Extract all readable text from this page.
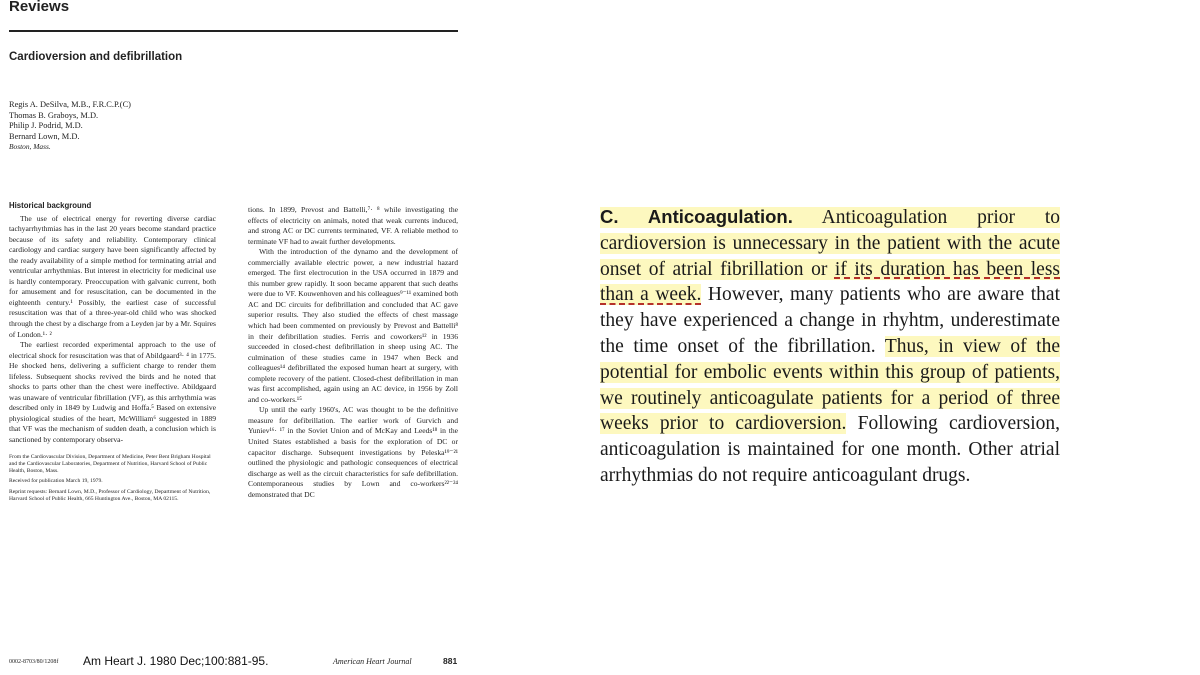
Reviews
Cardioversion and defibrillation
Regis A. DeSilva, M.B., F.R.C.P.(C)
Thomas B. Graboys, M.D.
Philip J. Podrid, M.D.
Bernard Lown, M.D.
Boston, Mass.
Historical background

The use of electrical energy for reverting diverse cardiac tachyarrhythmias has in the last 20 years become standard practice because of its safety and reliability. Contemporary clinical cardiology and cardiac surgery have been significantly affected by the ready availability of a simple method for terminating atrial and ventricular arrhythmias. But interest in electricity for medicinal use is hardly contemporary. Preoccupation with galvanic current, both for amusement and for resuscitation, can be documented in the eighteenth century.¹ Possibly, the earliest case of successful resuscitation was that of a three-year-old child who was shocked through the chest by a discharge from a Leyden jar by a Mr. Squires of London.¹· ²

The earliest recorded experimental approach to the use of electrical shock for resuscitation was that of Abildgaard³· ⁴ in 1775. He shocked hens, delivering a sufficient charge to render them lifeless. Subsequent shocks revived the birds and he noted that shocks to parts other than the chest were ineffective. Abildgaard was unaware of ventricular fibrillation (VF), as this arrhythmia was described only in 1849 by Ludwig and Hoffa.⁵ Based on extensive physiological studies of the heart, McWilliam⁶ suggested in 1889 that VF was the mechanism of sudden death, a conclusion which is sanctioned by contemporary observa-

From the Cardiovascular Division, Department of Medicine, Peter Bent Brigham Hospital and the Cardiovascular Laboratories, Department of Nutrition, Harvard School of Public Health, Boston, Mass.
Received for publication March 19, 1979.
Reprint requests: Bernard Lown, M.D., Professor of Cardiology, Department of Nutrition, Harvard School of Public Health, 665 Huntington Ave., Boston, MA 02115.

tions. In 1899, Prevost and Battelli,⁷· ⁸ while investigating the effects of electricity on animals, noted that weak currents induced, and strong AC or DC currents terminated, VF. A reliable method to terminate VF had to await further developments.

With the introduction of the dynamo and the development of commercially available electric power, a new industrial hazard emerged. The first electrocution in the USA occurred in 1879 and this number grew rapidly. It soon became apparent that such deaths were due to VF. Kouwenhoven and his colleagues⁹⁻¹¹ examined both AC and DC circuits for defibrillation and concluded that AC gave superior results. They also studied the effects of chest massage which had been commented on previously by Prevost and Battelli⁸ in their defibrillation studies. Ferris and coworkers¹² in 1936 succeeded in closed-chest defibrillation in sheep using AC. The culmination of these studies came in 1947 when Beck and colleagues¹⁴ defibrillated the exposed human heart at surgery, with complete recovery of the patient. Closed-chest defibrillation in man was first accomplished, again using an AC device, in 1956 by Zoll and co-workers.¹⁵

Up until the early 1960's, AC was thought to be the definitive measure for defibrillation. The earlier work of Gurvich and Yuniev¹⁶· ¹⁷ in the Soviet Union and of McKay and Leeds¹⁸ in the United States established a basis for the exploration of DC or capacitor discharge. Subsequent investigations by Peleska¹⁹⁻²¹ outlined the physiologic and pathologic consequences of electrical discharge as well as the circuit characteristics for safe defibrillation. Contemporaneous studies by Lown and co-workers²²⁻²⁴ demonstrated that DC

0002-8703/80/1208f Am Heart J. 1980 Dec;100:881-95.	American Heart Journal	881
C. Anticoagulation. Anticoagulation prior to cardioversion is unnecessary in the patient with the acute onset of atrial fibrillation or if its duration has been less than a week. However, many patients who are aware that they have experienced a change in rhyhtm, underestimate the time onset of the fibrillation. Thus, in view of the potential for embolic events within this group of patients, we routinely anticoagulate patients for a period of three weeks prior to cardioversion. Following cardioversion, anticoagulation is maintained for one month. Other atrial arrhythmias do not require anticoagulant drugs.
